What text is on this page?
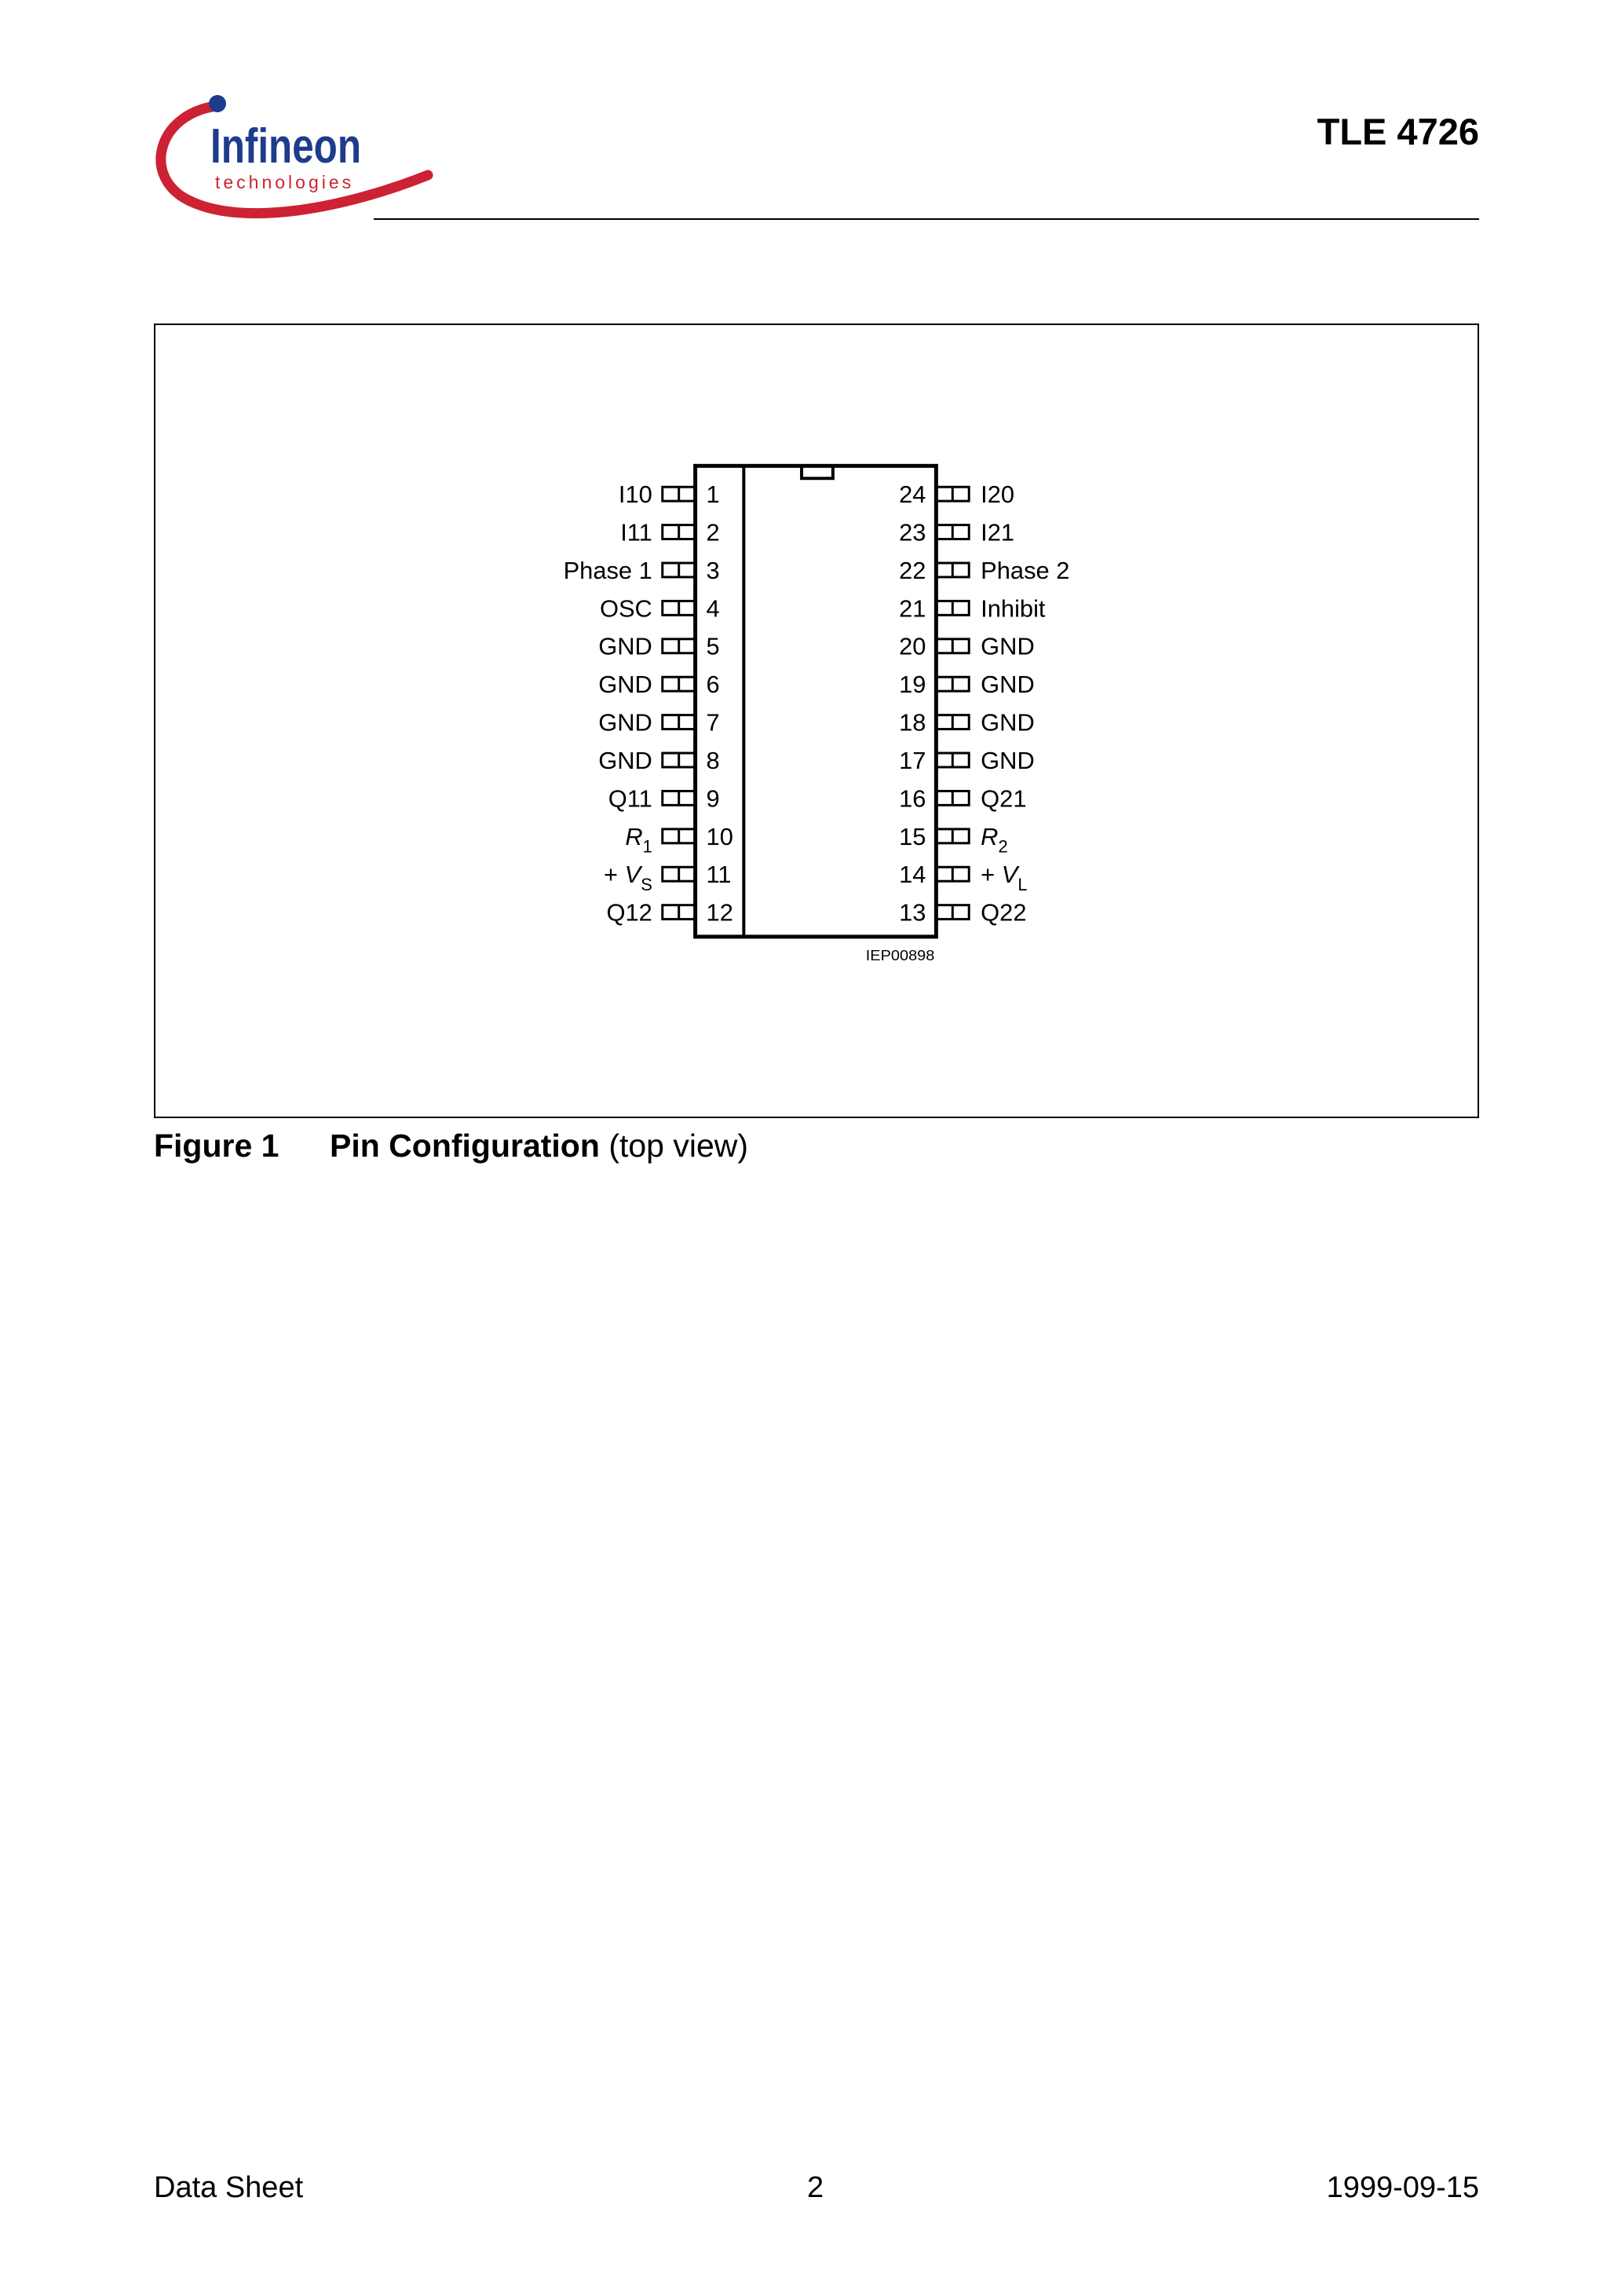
Infineon
technologies
TLE 4726
1
I10
2
I11
3
Phase 1
4
OSC
5
GND
6
GND
7
GND
8
GND
9
Q11
10
$R_1$
11
+ $V_S$
12
Q12
24 I20
23 I21
22 Phase 2
21 Inhibit
20 GND
19 GND
18 GND
17 GND
16 Q21
15 $R_2$
$14 + V_L$
13 Q22
IEP00898
Figure 1 Pin Configuration (top view)
Data Sheet	2	1999-09-15
